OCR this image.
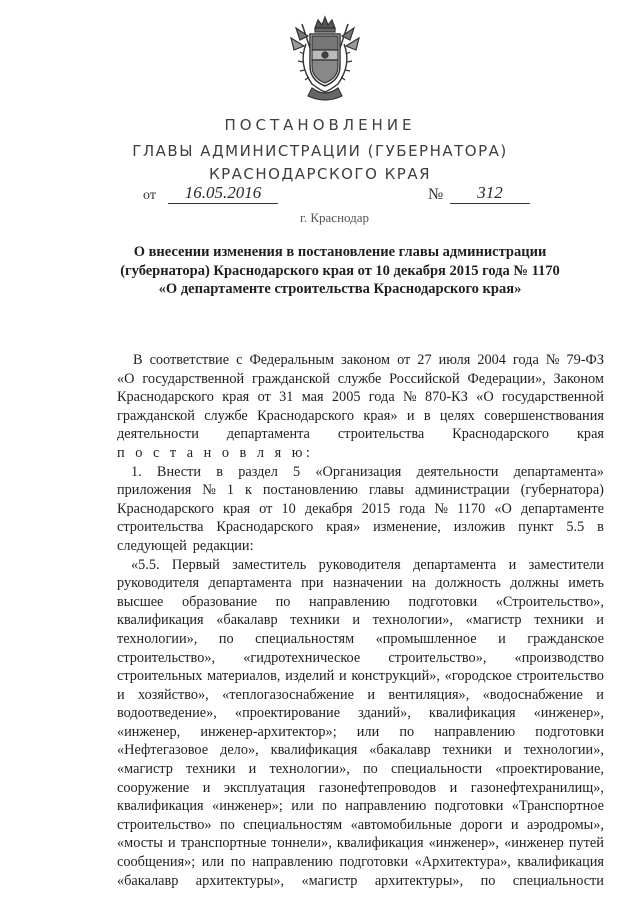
ПОСТАНОВЛЕНИЕ
ГЛАВЫ АДМИНИСТРАЦИИ (ГУБЕРНАТОРА)
КРАСНОДАРСКОГО КРАЯ
от	16.05.2016	№	312
г. Краснодар
О внесении изменения в постановление главы администрации
(губернатора) Краснодарского края от 10 декабря 2015 года № 1170
«О департаменте строительства Краснодарского края»
В соответствие с Федеральным законом от 27 июля 2004 года № 79-ФЗ
«О государственной гражданской службе Российской Федерации», Законом
Краснодарского края от 31 мая 2005 года № 870-КЗ «О государственной
гражданской службе Краснодарского края» и в целях совершенствования
деятельности департамента строительства Краснодарского края
п о с т а н о в л я ю:
1. Внести в раздел 5 «Организация деятельности департамента»
приложения № 1 к постановлению главы администрации (губернатора)
Краснодарского края от 10 декабря 2015 года № 1170 «О департаменте
строительства Краснодарского края» изменение, изложив пункт 5.5 в
следующей редакции:
«5.5. Первый заместитель руководителя департамента и заместители
руководителя департамента при назначении на должность должны иметь
высшее образование по направлению подготовки «Строительство»,
квалификация «бакалавр техники и технологии», «магистр техники и
технологии», по специальностям «промышленное и гражданское
строительство», «гидротехническое строительство», «производство
строительных материалов, изделий и конструкций», «городское строительство
и хозяйство», «теплогазоснабжение и вентиляция», «водоснабжение и
водоотведение», «проектирование зданий», квалификация «инженер»,
«инженер, инженер-архитектор»; или по направлению подготовки
«Нефтегазовое дело», квалификация «бакалавр техники и технологии»,
«магистр техники и технологии», по специальности «проектирование,
сооружение и эксплуатация газонефтепроводов и газонефтехранилищ»,
квалификация «инженер»; или по направлению подготовки «Транспортное
строительство» по специальностям «автомобильные дороги и аэродромы»,
«мосты и транспортные тоннели», квалификация «инженер», «инженер путей
сообщения»; или по направлению подготовки «Архитектура», квалификация
«бакалавр архитектуры», «магистр архитектуры», по специальности
